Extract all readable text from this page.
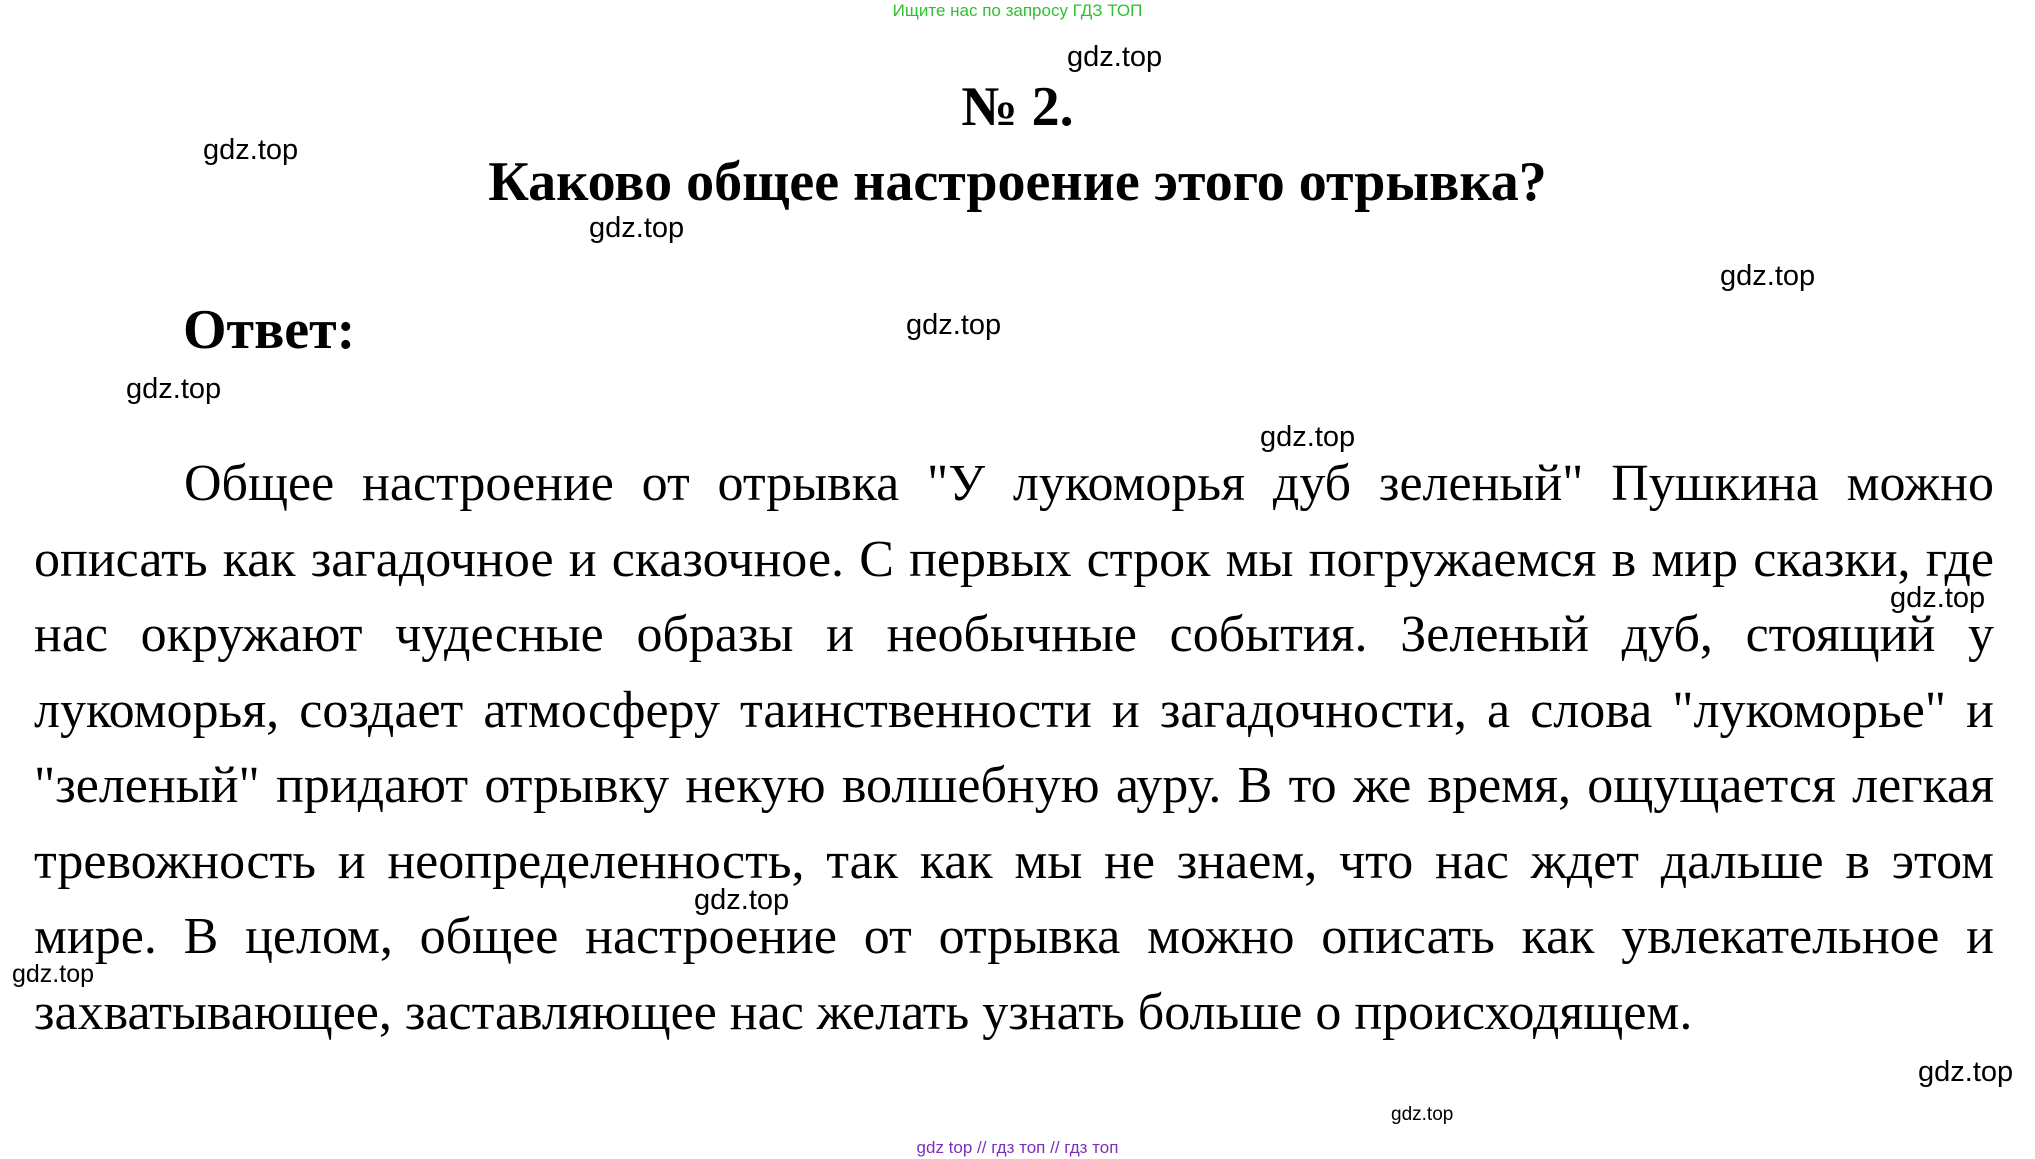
Ищите нас по запросу ГДЗ ТОП
№ 2.
Каково общее настроение этого отрывка?
Ответ:

Общее настроение от отрывка "У лукоморья дуб зеленый" Пушкина можно описать как загадочное и сказочное. С первых строк мы погружаемся в мир сказки, где нас окружают чудесные образы и необычные события. Зеленый дуб, стоящий у лукоморья, создает атмосферу таинственности и загадочности, а слова "лукоморье" и "зеленый" придают отрывку некую волшебную ауру. В то же время, ощущается легкая тревожность и неопределенность, так как мы не знаем, что нас ждет дальше в этом мире. В целом, общее настроение от отрывка можно описать как увлекательное и захватывающее, заставляющее нас желать узнать больше о происходящем.

gdz.top
gdz.top
gdz.top
gdz.top
gdz.top
gdz.top
gdz.top
gdz.top
gdz.top
gdz.top
gdz.top
gdz.top
gdz top // гдз топ // гдз топ
